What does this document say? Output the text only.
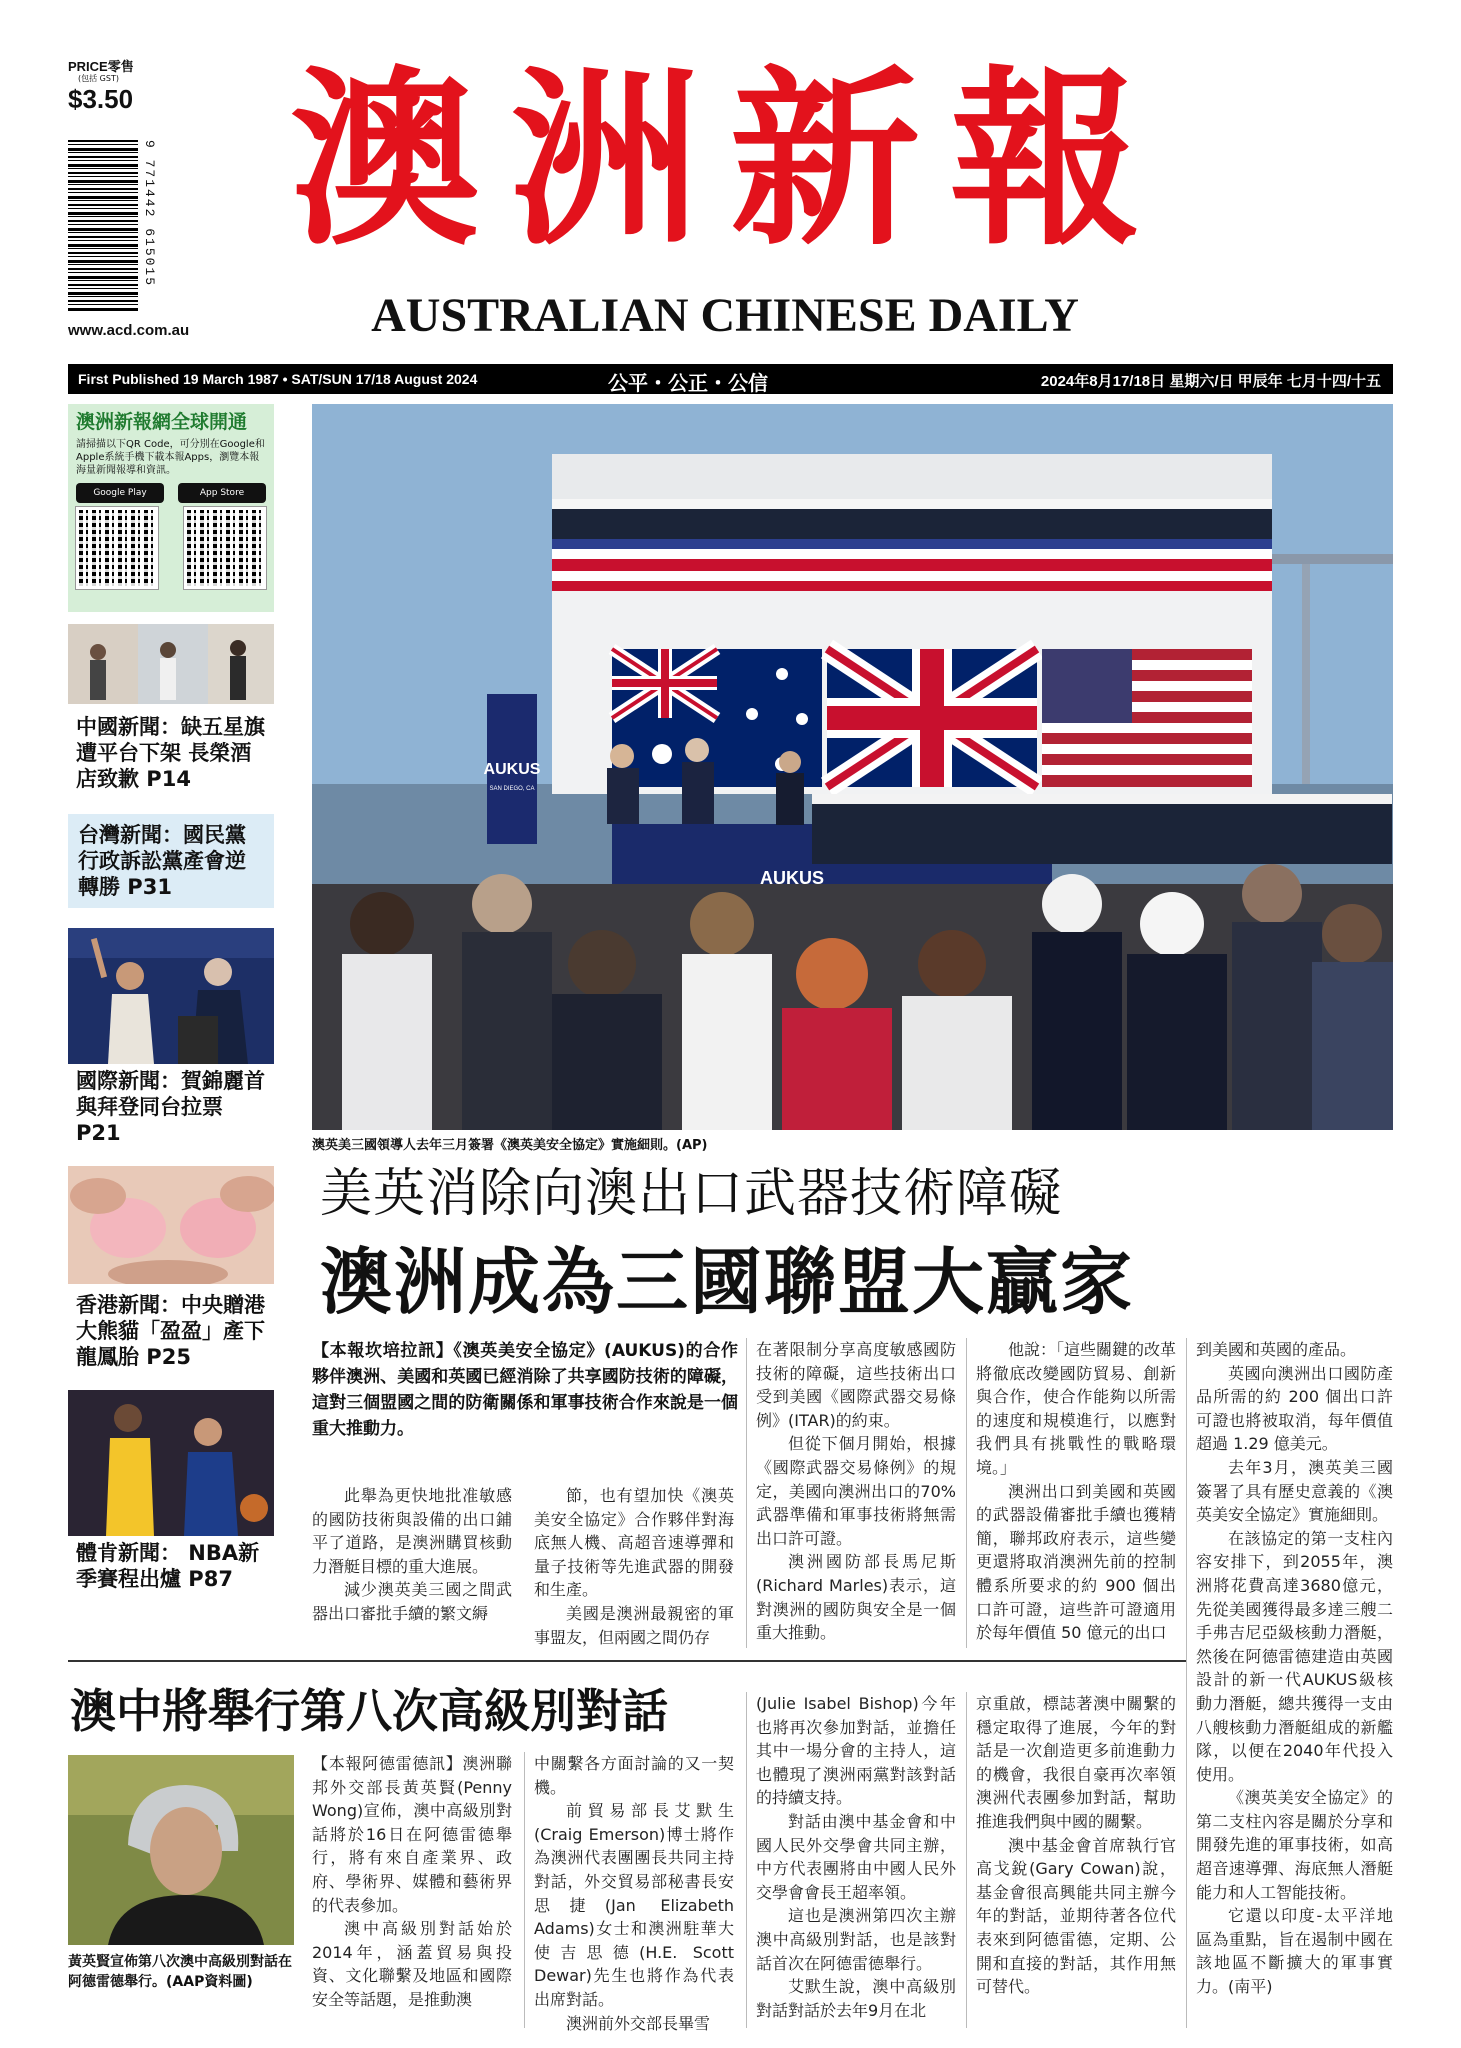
PRICE零售
(包括 GST)
$3.50
9 771442 615015
www.acd.com.au
澳洲新報
AUSTRALIAN CHINESE DAILY
First Published 19 March 1987 • SAT/SUN 17/18 August 2024	公平・公正・公信	2024年8月17/18日 星期六/日 甲辰年 七月十四/十五
澳洲新報網全球開通
請掃描以下QR Code，可分別在Google和Apple系統手機下載本報Apps，瀏覽本報海量新聞報導和資訊。
Google Play	App Store
中國新聞：缺五星旗遭平台下架 長榮酒店致歉 P14
台灣新聞：國民黨行政訴訟黨產會逆轉勝 P31
國際新聞：賀錦麗首與拜登同台拉票 P21
香港新聞：中央贈港大熊貓「盈盈」產下龍鳳胎 P25
體肯新聞： NBA新季賽程出爐 P87
AUKUS
SAN DIEGO, CA
AUKUS
澳英美三國領導人去年三月簽署《澳英美安全協定》實施細則。(AP)
美英消除向澳出口武器技術障礙
澳洲成為三國聯盟大贏家

【本報坎培拉訊】《澳英美安全協定》(AUKUS)的合作夥伴澳洲、美國和英國已經消除了共享國防技術的障礙，這對三個盟國之間的防衛關係和軍事技術合作來說是一個重大推動力。

此舉為更快地批准敏感的國防技術與設備的出口鋪平了道路，是澳洲購買核動力潛艇目標的重大進展。

減少澳英美三國之間武器出口審批手續的繁文縟

節，也有望加快《澳英美安全協定》合作夥伴對海底無人機、高超音速導彈和量子技術等先進武器的開發和生產。

美國是澳洲最親密的軍事盟友，但兩國之間仍存

在著限制分享高度敏感國防技術的障礙，這些技術出口受到美國《國際武器交易條例》(ITAR)的約束。

但從下個月開始，根據《國際武器交易條例》的規定，美國向澳洲出口的70%武器準備和軍事技術將無需出口許可證。

澳洲國防部長馬尼斯(Richard Marles)表示，這對澳洲的國防與安全是一個重大推動。

他說：「這些關鍵的改革將徹底改變國防貿易、創新與合作，使合作能夠以所需的速度和規模進行，以應對我們具有挑戰性的戰略環境。」

澳洲出口到美國和英國的武器設備審批手續也獲精簡，聯邦政府表示，這些變更還將取消澳洲先前的控制體系所要求的約 900 個出口許可證，這些許可證適用於每年價值 50 億元的出口

到美國和英國的產品。

英國向澳洲出口國防產品所需的約 200 個出口許可證也將被取消，每年價值超過 1.29 億美元。

去年3月，澳英美三國簽署了具有歷史意義的《澳英美安全協定》實施細則。

在該協定的第一支柱內容安排下，到2055年，澳洲將花費高達3680億元，先從美國獲得最多達三艘二手弗吉尼亞級核動力潛艇，然後在阿德雷德建造由英國設計的新一代AUKUS級核動力潛艇，總共獲得一支由八艘核動力潛艇組成的新艦隊，以便在2040年代投入使用。

《澳英美安全協定》的第二支柱內容是關於分享和開發先進的軍事技術，如高超音速導彈、海底無人潛艇能力和人工智能技術。

它還以印度-太平洋地區為重點，旨在遏制中國在該地區不斷擴大的軍事實力。(南平)

澳中將舉行第八次高級別對話
黃英賢宣佈第八次澳中高級別對話在阿德雷德舉行。(AAP資料圖)

【本報阿德雷德訊】澳洲聯邦外交部長黃英賢(Penny Wong)宣佈，澳中高級別對話將於16日在阿德雷德舉行，將有來自產業界、政府、學術界、媒體和藝術界的代表參加。

澳中高級別對話始於2014年，涵蓋貿易與投資、文化聯繫及地區和國際安全等話題，是推動澳

中關繫各方面討論的又一契機。

前貿易部長艾默生(Craig Emerson)博士將作為澳洲代表團團長共同主持對話，外交貿易部秘書長安思捷(Jan Elizabeth Adams)女士和澳洲駐華大使吉思德(H.E. Scott Dewar)先生也將作為代表出席對話。

澳洲前外交部長畢雪

(Julie Isabel Bishop)今年也將再次參加對話，並擔任其中一場分會的主持人，這也體現了澳洲兩黨對該對話的持續支持。

對話由澳中基金會和中國人民外交學會共同主辦，中方代表團將由中國人民外交學會會長王超率領。

這也是澳洲第四次主辦澳中高級別對話，也是該對話首次在阿德雷德舉行。

艾默生說，澳中高級別對話對話於去年9月在北

京重啟，標誌著澳中關繫的穩定取得了進展，今年的對話是一次創造更多前進動力的機會，我很自豪再次率領澳洲代表團參加對話，幫助推進我們與中國的關繫。

澳中基金會首席執行官高戈銳(Gary Cowan)說，基金會很高興能共同主辦今年的對話，並期待著各位代表來到阿德雷德，定期、公開和直接的對話，其作用無可替代。
